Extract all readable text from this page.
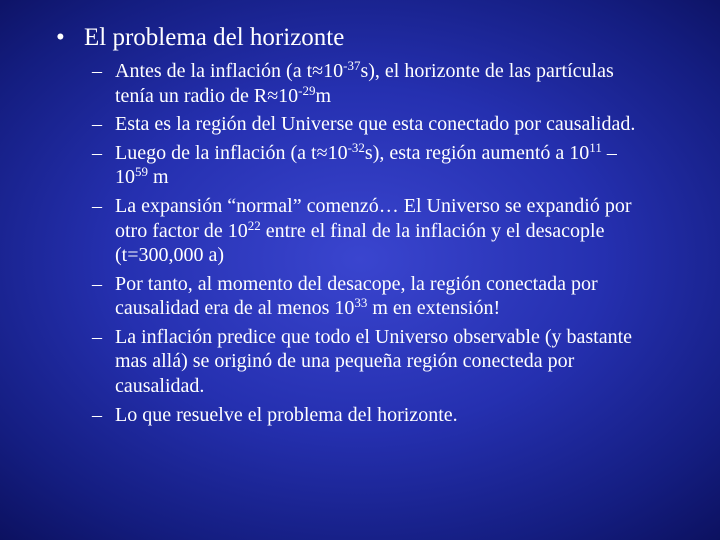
• El problema del horizonte
– Antes de la inflación (a $t\approx 10^{-37}s$), el horizonte de las partículas tenía un radio de $R\approx 10^{-29}m$
– Esta es la región del Universe que esta conectado por causalidad.
– Luego de la inflación (a $t\approx 10^{-32}s$), esta región aumentó a $10^{11} - 10^{59}$ m
– La expansión “normal” comenzó… El Universo se expandió por otro factor de $10^{22}$ entre el final de la inflación y el desacople (t=300,000 a)
– Por tanto, al momento del desacope, la región conectada por causalidad era de al menos $10^{33}$ m en extensión!
– La inflación predice que todo el Universo observable (y bastante mas allá) se originó de una pequeña región conecteda por causalidad.
– Lo que resuelve el problema del horizonte.
